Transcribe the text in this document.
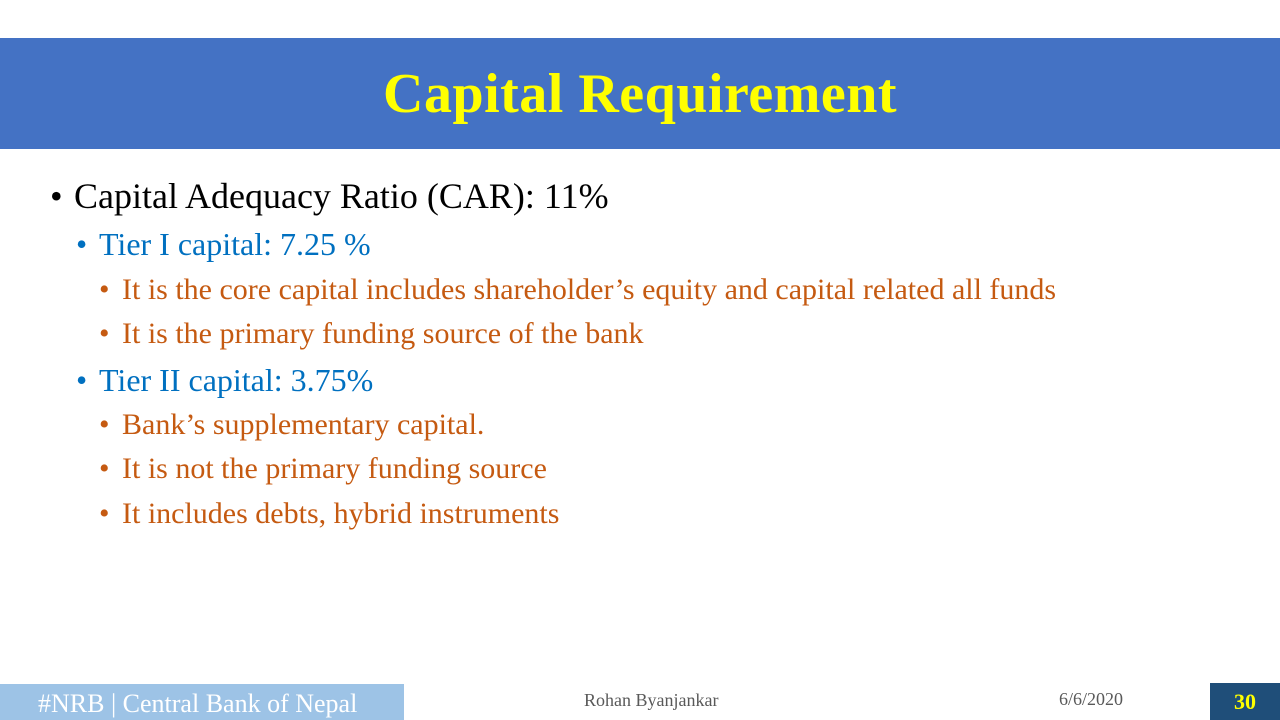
Capital Requirement
• Capital Adequacy Ratio (CAR): 11%
• Tier I capital: 7.25 %
• It is the core capital includes shareholder’s equity and capital related all funds
• It is the primary funding source of the bank
• Tier II capital: 3.75%
• Bank’s supplementary capital.
• It is not the primary funding source
• It includes debts, hybrid instruments
#NRB | Central Bank of Nepal	Rohan Byanjankar	6/6/2020	30
